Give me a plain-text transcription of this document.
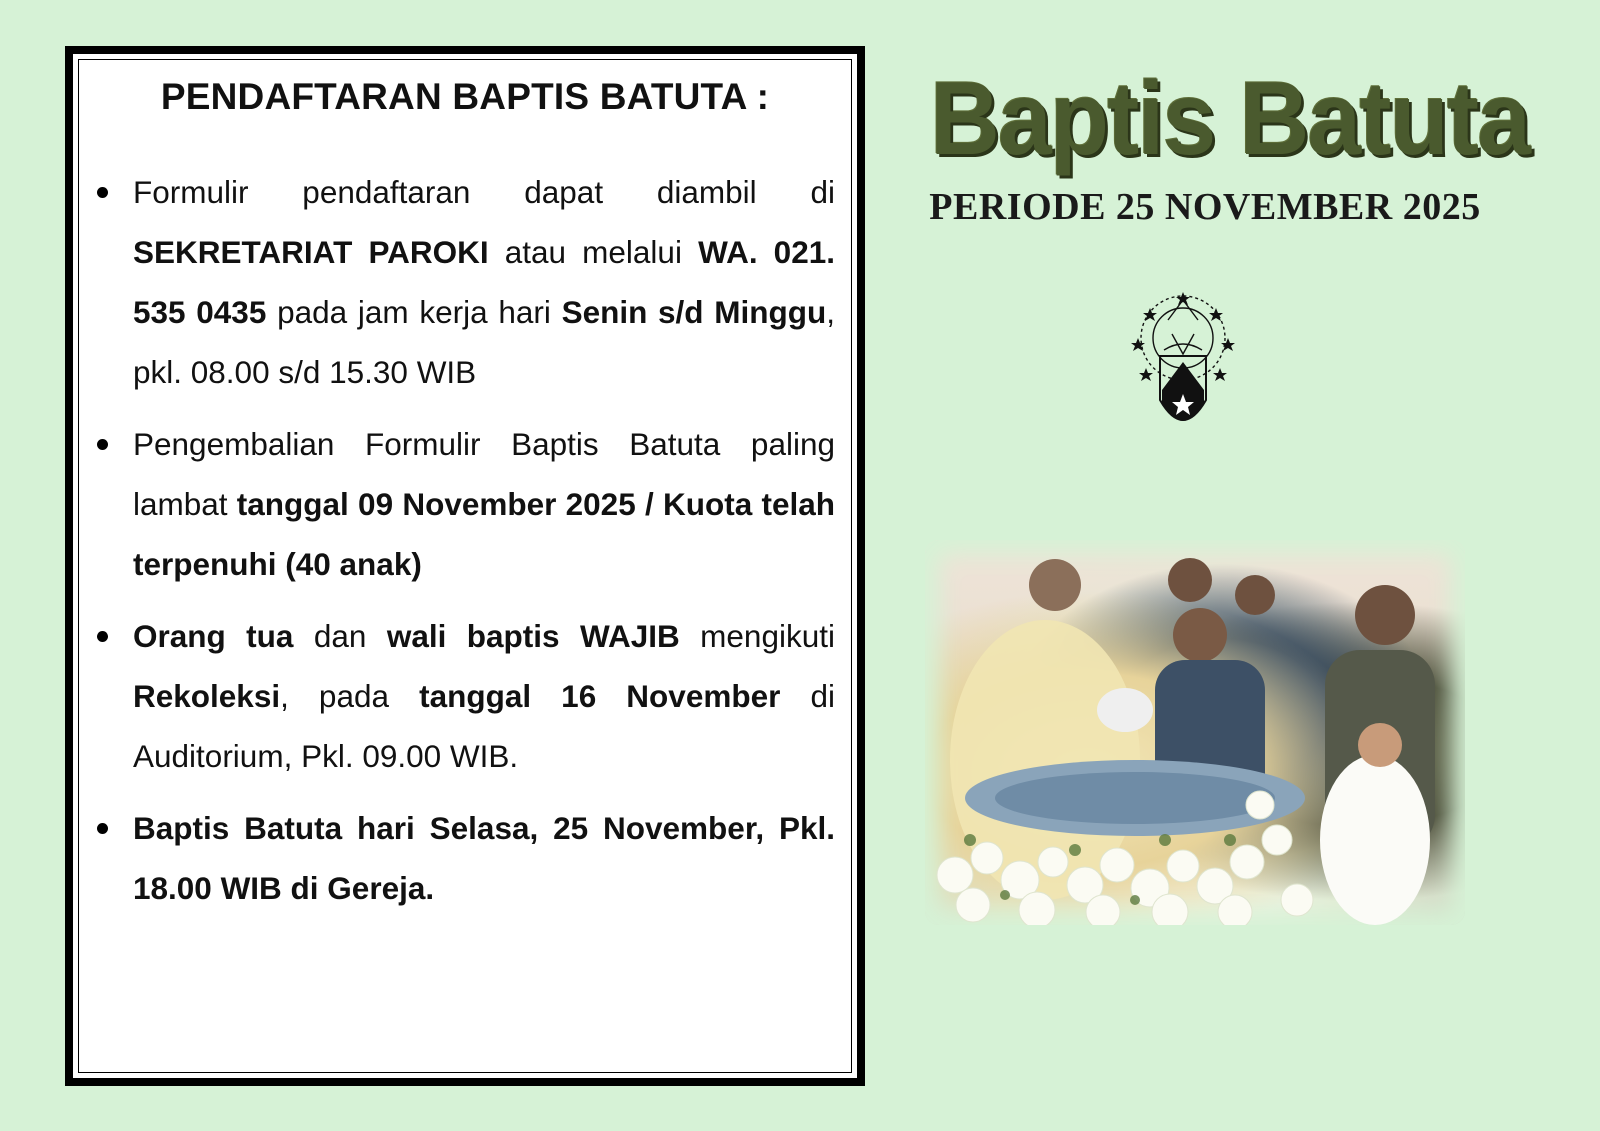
PENDAFTARAN BAPTIS BATUTA :
Formulir pendaftaran dapat diambil di SEKRETARIAT PAROKI atau melalui WA. 021. 535 0435 pada jam kerja hari Senin s/d Minggu, pkl. 08.00 s/d 15.30 WIB
Pengembalian Formulir Baptis Batuta paling lambat tanggal 09 November 2025 / Kuota telah terpenuhi (40 anak)
Orang tua dan wali baptis WAJIB mengikuti Rekoleksi, pada tanggal 16 November di Auditorium, Pkl. 09.00 WIB.
Baptis Batuta hari Selasa, 25 November, Pkl. 18.00 WIB di Gereja.
Baptis Batuta
PERIODE 25 NOVEMBER 2025
